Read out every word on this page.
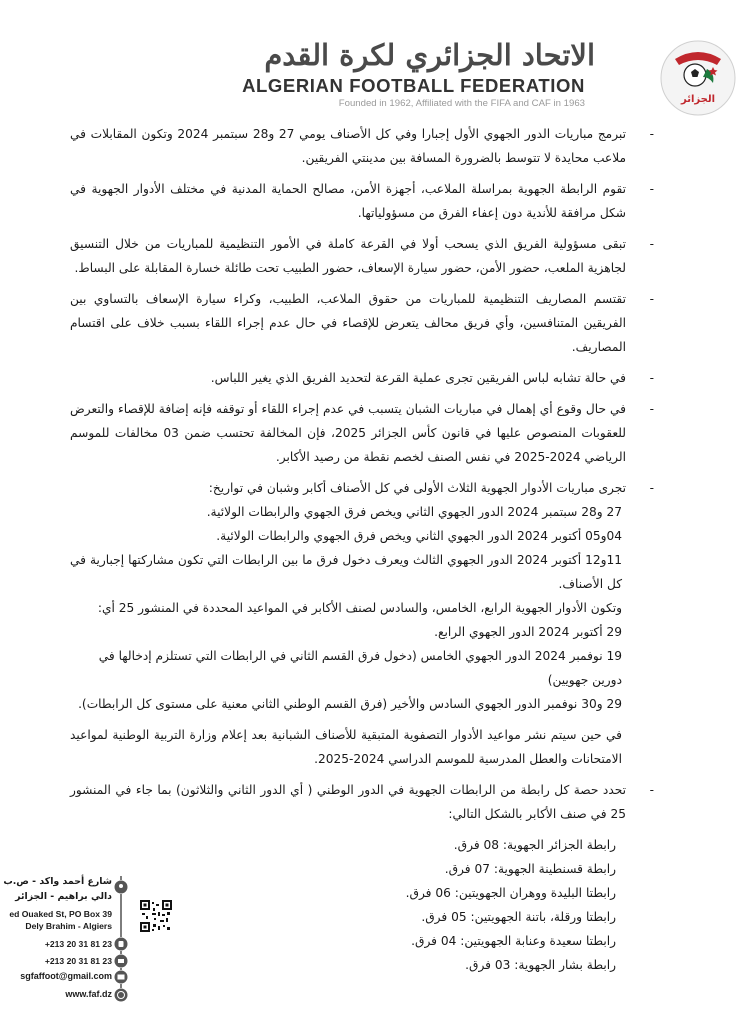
الاتحاد الجزائري لكرة القدم
ALGERIAN FOOTBALL FEDERATION
Founded in 1962, Affiliated with the FIFA and CAF in 1963	الجزائر

- تبرمج مباريات الدور الجهوي الأول إجبارا وفي كل الأصناف يومي 27 و28 سبتمبر 2024 وتكون المقابلات في ملاعب محايدة لا تتوسط بالضرورة المسافة بين مدينتي الفريقين.

- تقوم الرابطة الجهوية بمراسلة الملاعب، أجهزة الأمن، مصالح الحماية المدنية في مختلف الأدوار الجهوية في شكل مرافقة للأندية دون إعفاء الفرق من مسؤولياتها.

- تبقى مسؤولية الفريق الذي يسحب أولا في القرعة كاملة في الأمور التنظيمية للمباريات من خلال التنسيق لجاهزية الملعب، حضور الأمن، حضور سيارة الإسعاف، حضور الطبيب تحت طائلة خسارة المقابلة على البساط.

- تقتسم المصاريف التنظيمية للمباريات من حقوق الملاعب، الطبيب، وكراء سيارة الإسعاف بالتساوي بين الفريقين المتنافسين، وأي فريق محالف يتعرض للإقصاء في حال عدم إجراء اللقاء بسبب خلاف على اقتسام المصاريف.

- في حالة تشابه لباس الفريقين تجرى عملية القرعة لتحديد الفريق الذي يغير اللباس.

- في حال وقوع أي إهمال في مباريات الشبان يتسبب في عدم إجراء اللقاء أو توقفه فإنه إضافة للإقصاء والتعرض للعقوبات المنصوص عليها في قانون كأس الجزائر 2025، فإن المخالفة تحتسب ضمن 03 مخالفات للموسم الرياضي 2024-2025 في نفس الصنف لخصم نقطة من رصيد الأكابر.

- تجرى مباريات الأدوار الجهوية الثلاث الأولى في كل الأصناف أكابر وشبان في تواريخ:

27 و28 سبتمبر 2024 الدور الجهوي الثاني ويخص فرق الجهوي والرابطات الولائية.

04و05 أكتوبر 2024 الدور الجهوي الثاني ويخص فرق الجهوي والرابطات الولائية.

11و12 أكتوبر 2024 الدور الجهوي الثالث ويعرف دخول فرق ما بين الرابطات التي تكون مشاركتها إجبارية في كل الأصناف.

وتكون الأدوار الجهوية الرابع، الخامس، والسادس لصنف الأكابر في المواعيد المحددة في المنشور 25 أي:

29 أكتوبر 2024 الدور الجهوي الرابع.

19 نوفمبر 2024 الدور الجهوي الخامس (دخول فرق القسم الثاني في الرابطات التي تستلزم إدخالها في دورين جهويين)

29 و30 نوفمبر الدور الجهوي السادس والأخير (فرق القسم الوطني الثاني معنية على مستوى كل الرابطات).

في حين سيتم نشر مواعيد الأدوار التصفوية المتبقية للأصناف الشبانية بعد إعلام وزارة التربية الوطنية لمواعيد الامتحانات والعطل المدرسية للموسم الدراسي 2024-2025.

- تحدد حصة كل رابطة من الرابطات الجهوية في الدور الوطني ( أي الدور الثاني والثلاثون) بما جاء في المنشور 25 في صنف الأكابر بالشكل التالي:

رابطة الجزائر الجهوية: 08 فرق.

رابطة قسنطينة الجهوية: 07 فرق.

رابطتا البليدة ووهران الجهويتين: 06 فرق.

رابطتا ورقلة، باتنة الجهويتين: 05 فرق.

رابطتا سعيدة وعنابة الجهويتين: 04 فرق.

رابطة بشار الجهوية: 03 فرق.

شارع أحمد واكد - ص.ب
دالي براهيم - الجزائر
ed Ouaked St, PO Box 39
Dely Brahim - Algiers
+213 20 31 81 23
+213 20 31 81 23
sgfaffoot@gmail.com
www.faf.dz
